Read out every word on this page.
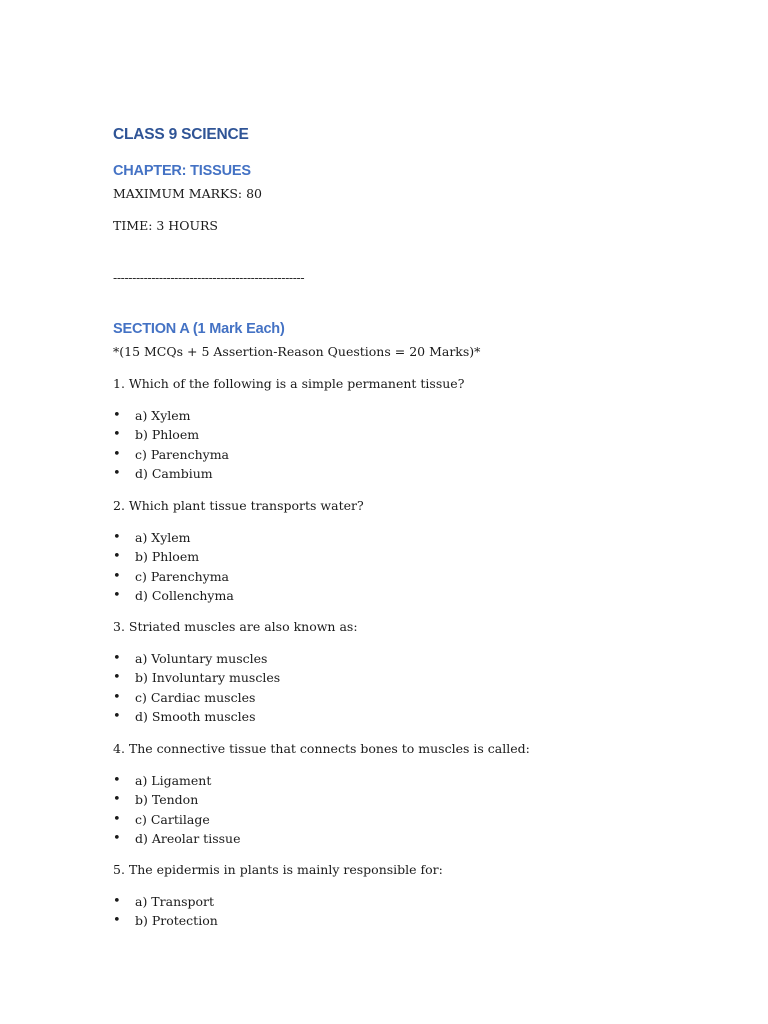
CLASS 9 SCIENCE
CHAPTER: TISSUES
MAXIMUM MARKS: 80
TIME: 3 HOURS
--------------------------------------------------
SECTION A (1 Mark Each)
*(15 MCQs + 5 Assertion-Reason Questions = 20 Marks)*
1. Which of the following is a simple permanent tissue?
• a) Xylem
• b) Phloem
• c) Parenchyma
• d) Cambium
2. Which plant tissue transports water?
• a) Xylem
• b) Phloem
• c) Parenchyma
• d) Collenchyma
3. Striated muscles are also known as:
• a) Voluntary muscles
• b) Involuntary muscles
• c) Cardiac muscles
• d) Smooth muscles
4. The connective tissue that connects bones to muscles is called:
• a) Ligament
• b) Tendon
• c) Cartilage
• d) Areolar tissue
5. The epidermis in plants is mainly responsible for:
• a) Transport
• b) Protection
